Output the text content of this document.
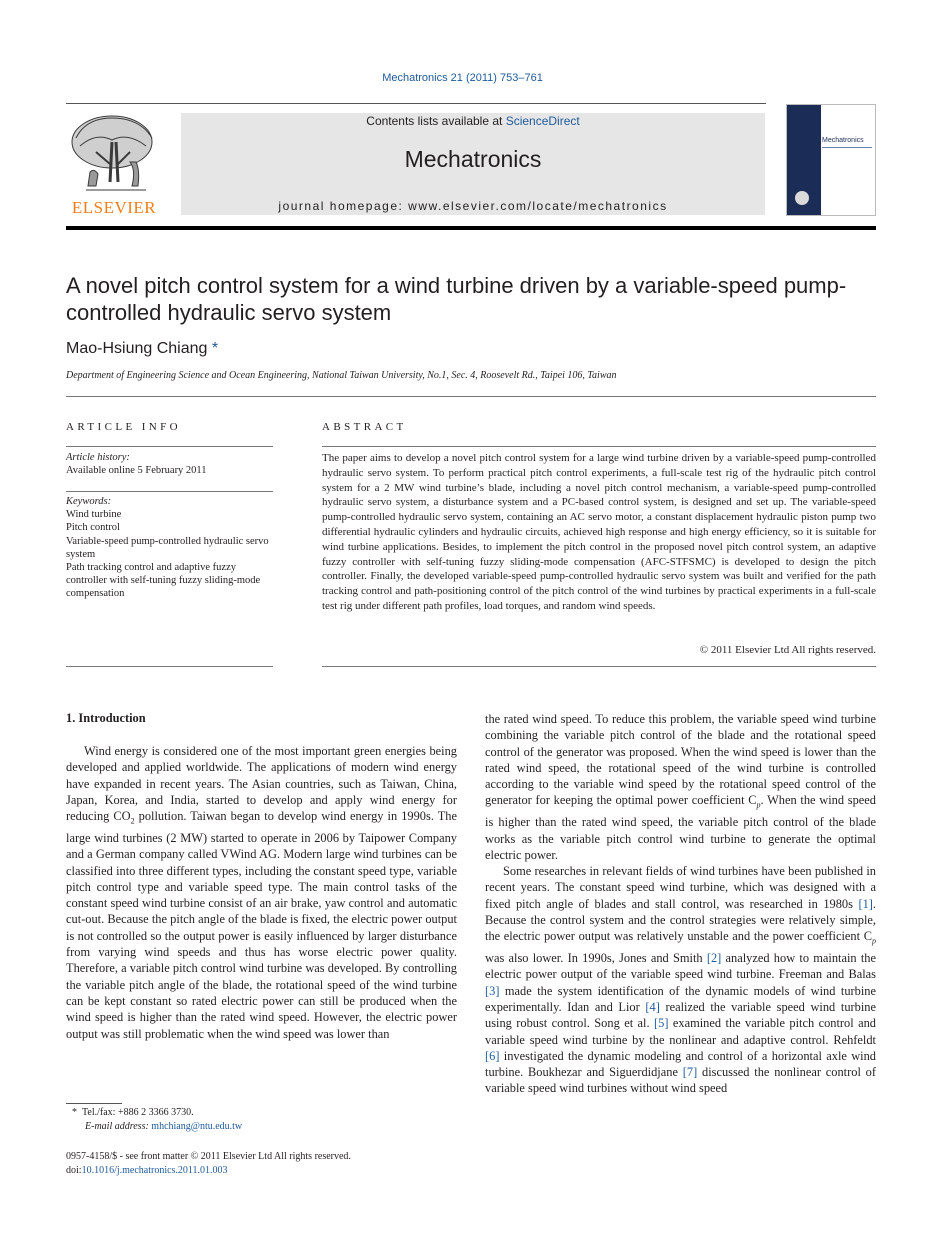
Mechatronics 21 (2011) 753–761
ELSEVIER
Contents lists available at ScienceDirect
Mechatronics
journal homepage: www.elsevier.com/locate/mechatronics
Mechatronics
A novel pitch control system for a wind turbine driven by a variable-speed pump-controlled hydraulic servo system
Mao-Hsiung Chiang *
Department of Engineering Science and Ocean Engineering, National Taiwan University, No.1, Sec. 4, Roosevelt Rd., Taipei 106, Taiwan
ARTICLE INFO
Article history:
Available online 5 February 2011
Keywords:
Wind turbine
Pitch control
Variable-speed pump-controlled hydraulic servo system
Path tracking control and adaptive fuzzy controller with self-tuning fuzzy sliding-mode compensation
ABSTRACT
The paper aims to develop a novel pitch control system for a large wind turbine driven by a variable-speed pump-controlled hydraulic servo system. To perform practical pitch control experiments, a full-scale test rig of the hydraulic pitch control system for a 2 MW wind turbine’s blade, including a novel pitch control mechanism, a variable-speed pump-controlled hydraulic servo system, a disturbance system and a PC-based control system, is designed and set up. The variable-speed pump-controlled hydraulic servo system, containing an AC servo motor, a constant displacement hydraulic piston pump two differential hydraulic cylinders and hydraulic circuits, achieved high response and high energy efficiency, so it is suitable for wind turbine applications. Besides, to implement the pitch control in the proposed novel pitch control system, an adaptive fuzzy controller with self-tuning fuzzy sliding-mode compensation (AFC-STFSMC) is developed to design the pitch controller. Finally, the developed variable-speed pump-controlled hydraulic servo system was built and verified for the path tracking control and path-positioning control of the pitch control of the wind turbines by practical experiments in a full-scale test rig under different path profiles, load torques, and random wind speeds.
© 2011 Elsevier Ltd All rights reserved.
1. Introduction

Wind energy is considered one of the most important green energies being developed and applied worldwide. The applications of modern wind energy have expanded in recent years. The Asian countries, such as Taiwan, China, Japan, Korea, and India, started to develop and apply wind energy for reducing $CO_2$ pollution. Taiwan began to develop wind energy in 1990s. The large wind turbines (2 MW) started to operate in 2006 by Taipower Company and a German company called VWind AG. Modern large wind turbines can be classified into three different types, including the constant speed type, variable pitch control type and variable speed type. The main control tasks of the constant speed wind turbine consist of an air brake, yaw control and automatic cut-out. Because the pitch angle of the blade is fixed, the electric power output is not controlled so the output power is easily influenced by larger disturbance from varying wind speeds and thus has worse electric power quality. Therefore, a variable pitch control wind turbine was developed. By controlling the variable pitch angle of the blade, the rotational speed of the wind turbine can be kept constant so rated electric power can still be produced when the wind speed is higher than the rated wind speed. However, the electric power output was still problematic when the wind speed was lower than

the rated wind speed. To reduce this problem, the variable speed wind turbine combining the variable pitch control of the blade and the rotational speed control of the generator was proposed. When the wind speed is lower than the rated wind speed, the rotational speed of the wind turbine is controlled according to the variable wind speed by the rotational speed control of the generator for keeping the optimal power coefficient $C_p$. When the wind speed is higher than the rated wind speed, the variable pitch control of the blade works as the variable pitch control wind turbine to generate the optimal electric power.

Some researches in relevant fields of wind turbines have been published in recent years. The constant speed wind turbine, which was designed with a fixed pitch angle of blades and stall control, was researched in 1980s [1]. Because the control system and the control strategies were relatively simple, the electric power output was relatively unstable and the power coefficient $C_p$ was also lower. In 1990s, Jones and Smith [2] analyzed how to maintain the electric power output of the variable speed wind turbine. Freeman and Balas [3] made the system identification of the dynamic models of wind turbine experimentally. Idan and Lior [4] realized the variable speed wind turbine using robust control. Song et al. [5] examined the variable pitch control and variable speed wind turbine by the nonlinear and adaptive control. Rehfeldt [6] investigated the dynamic modeling and control of a horizontal axle wind turbine. Boukhezar and Siguerdidjane [7] discussed the nonlinear control of variable speed wind turbines without wind speed

* Tel./fax: +886 2 3366 3730.
E-mail address: mhchiang@ntu.edu.tw
0957-4158/$ - see front matter © 2011 Elsevier Ltd All rights reserved.
doi:10.1016/j.mechatronics.2011.01.003
